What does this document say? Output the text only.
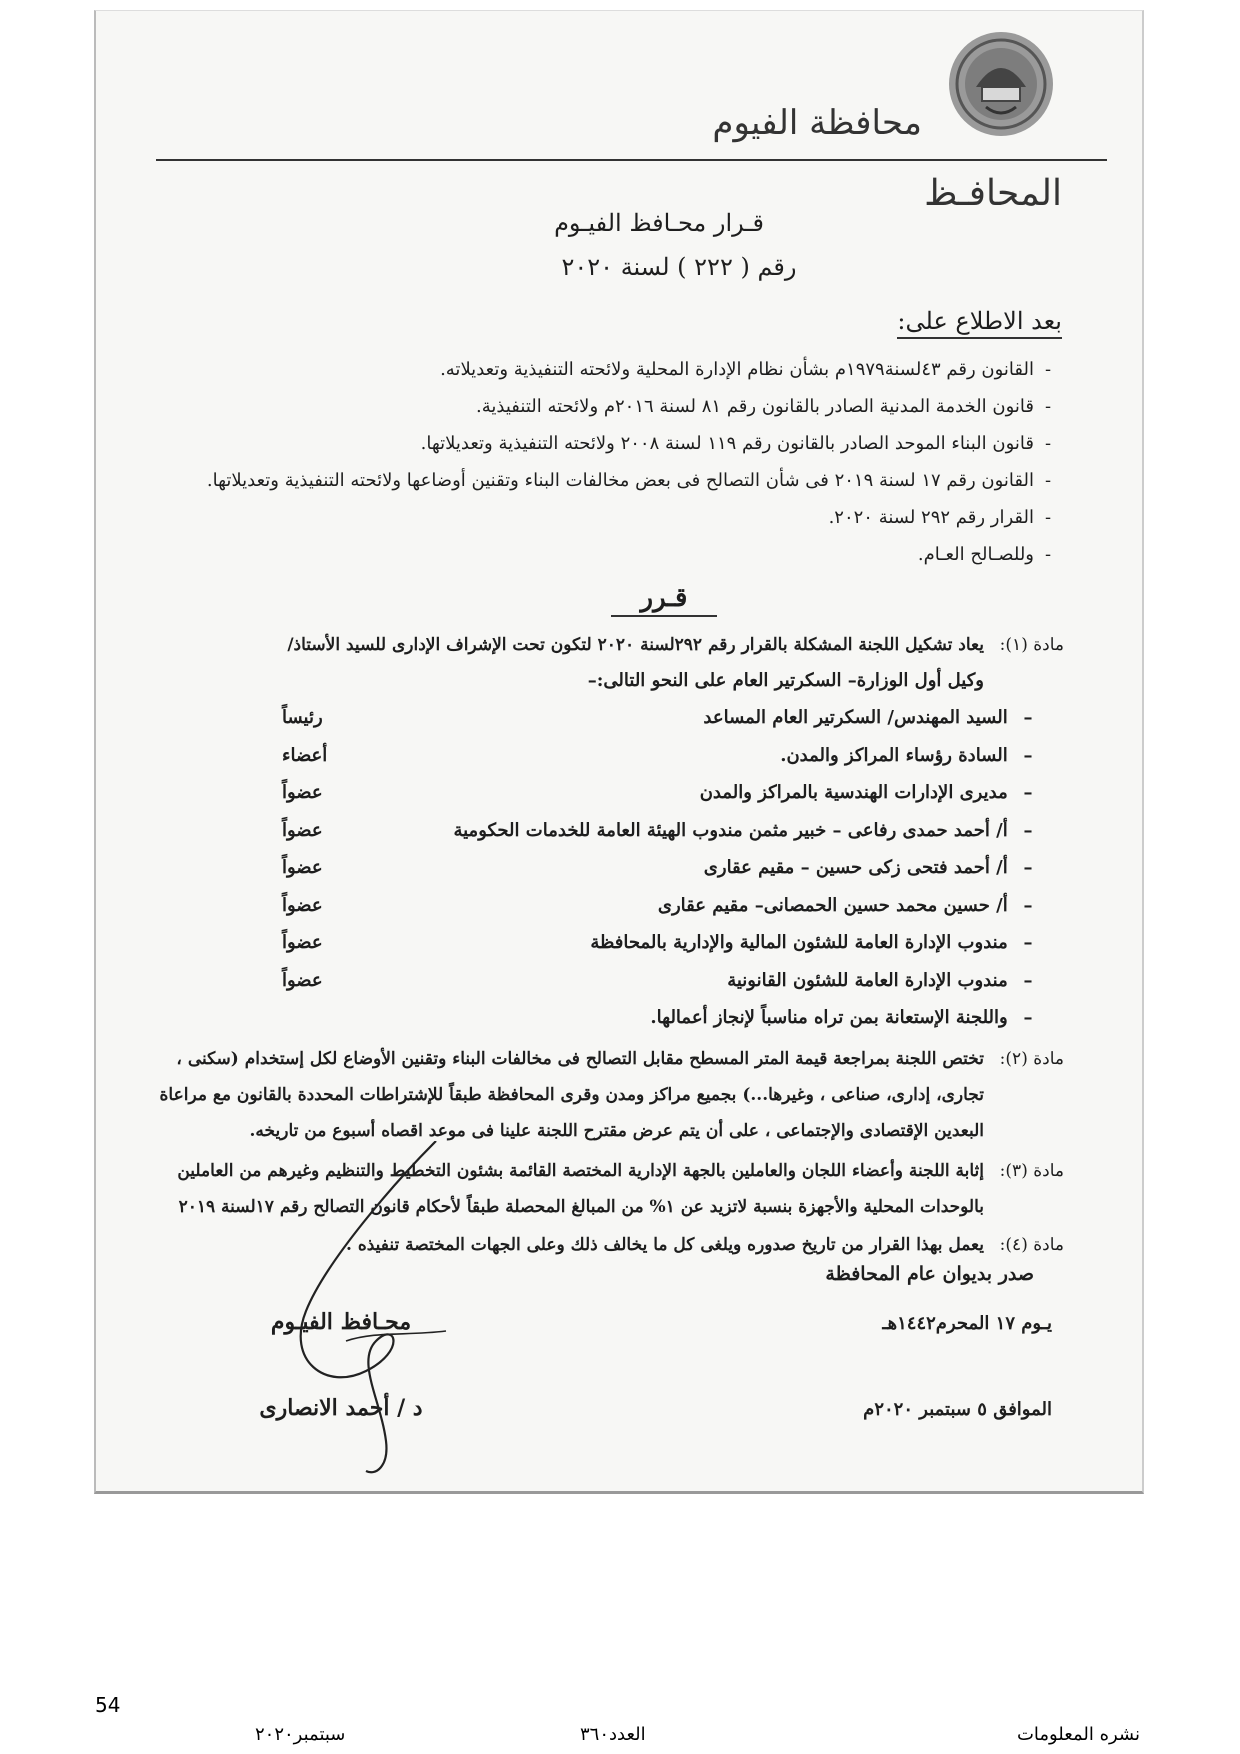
محافظة الفيوم
المحافـظ
قـرار محـافظ الفيـوم
رقم ( ٢٢٢ ) لسنة ٢٠٢٠
بعد الاطلاع على:
-القانون رقم ٤٣لسنة١٩٧٩م بشأن نظام الإدارة المحلية ولائحته التنفيذية وتعديلاته.
-قانون الخدمة المدنية الصادر بالقانون رقم ٨١ لسنة ٢٠١٦م ولائحته التنفيذية.
-قانون البناء الموحد الصادر بالقانون رقم ١١٩ لسنة ٢٠٠٨ ولائحته التنفيذية وتعديلاتها.
-القانون رقم ١٧ لسنة ٢٠١٩ فى شأن التصالح فى بعض مخالفات البناء وتقنين أوضاعها ولائحته التنفيذية وتعديلاتها.
-القرار رقم ٢٩٢ لسنة ٢٠٢٠.
-وللصـالح العـام.
قـرر
مادة (١):
يعاد تشكيل اللجنة المشكلة بالقرار رقم ٢٩٢لسنة ٢٠٢٠ لتكون تحت الإشراف الإدارى للسيد الأستاذ/
وكيل أول الوزارة– السكرتير العام على النحو التالى:–
– السيد المهندس/ السكرتير العام المساعد
رئيساً
– السادة رؤساء المراكز والمدن.
أعضاء
– مديرى الإدارات الهندسية بالمراكز والمدن
عضواً
– أ/ أحمد حمدى رفاعى – خبير مثمن مندوب الهيئة العامة للخدمات الحكومية
عضواً
– أ/ أحمد فتحى زكى حسين – مقيم عقارى
عضواً
– أ/ حسين محمد حسين الحمصانى– مقيم عقارى
عضواً
– مندوب الإدارة العامة للشئون المالية والإدارية بالمحافظة
عضواً
– مندوب الإدارة العامة للشئون القانونية
عضواً
– واللجنة الإستعانة بمن تراه مناسباً لإنجاز أعمالها.
مادة (٢):
تختص اللجنة بمراجعة قيمة المتر المسطح مقابل التصالح فى مخالفات البناء وتقنين الأوضاع لكل إستخدام (سكنى ،
تجارى، إدارى، صناعى ، وغيرها...) بجميع مراكز ومدن وقرى المحافظة طبقاً للإشتراطات المحددة بالقانون مع مراعاة
البعدين الإقتصادى والإجتماعى ، على أن يتم عرض مقترح اللجنة علينا فى موعد اقصاه أسبوع من تاريخه.
مادة (٣):
إثابة اللجنة وأعضاء اللجان والعاملين بالجهة الإدارية المختصة القائمة بشئون التخطيط والتنظيم وغيرهم من العاملين
بالوحدات المحلية والأجهزة بنسبة لاتزيد عن ١% من المبالغ المحصلة طبقاً لأحكام قانون التصالح رقم ١٧لسنة ٢٠١٩
مادة (٤):
يعمل بهذا القرار من تاريخ صدوره ويلغى كل ما يخالف ذلك وعلى الجهات المختصة تنفيذه .
صدر بديوان عام المحافظة
يـوم ١٧ المحرم١٤٤٢هـ
الموافق ٥ سبتمبر ٢٠٢٠م
محـافظ الفيـوم
د / أحمد الانصارى
54
نشره المعلومات
العدد٣٦٠
سبتمبر٢٠٢٠
